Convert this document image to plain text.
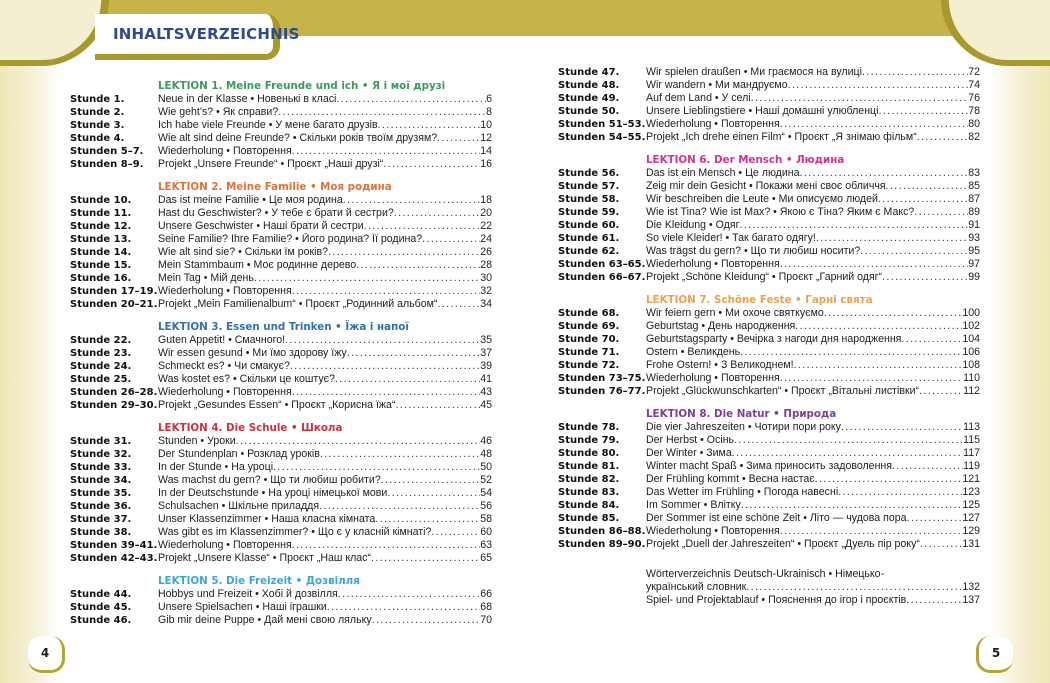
INHALTSVERZEICHNIS
LEKTION 1. Meine Freunde und ich • Я і мої друзі
Stunde 1.	Neue in der Klasse • Новенькі в класі .....	6
Stunde 2.	Wie geht’s? • Як справи? .....	8
Stunde 3.	Ich habe viele Freunde • У мене багато друзів .....	10
Stunde 4.	Wie alt sind deine Freunde? • Скільки років твоїм друзям? .....	12
Stunden 5–7.	Wiederholung • Повторення .....	14
Stunden 8–9.	Projekt „Unsere Freunde“ • Проєкт „Наші друзі“ .....	16
LEKTION 2. Meine Familie • Моя родина
Stunde 10.	Das ist meine Familie • Це моя родина .....	18
Stunde 11.	Hast du Geschwister? • У тебе є брати й сестри? .....	20
Stunde 12.	Unsere Geschwister • Наші брати й сестри .....	22
Stunde 13.	Seine Familie? Ihre Familie? • Його родина? Її родина? .....	24
Stunde 14.	Wie alt sind sie? • Скільки їм років? .....	26
Stunde 15.	Mein Stammbaum • Моє родинне дерево .....	28
Stunde 16.	Mein Tag • Мій день .....	30
Stunden 17–19. Wiederholung • Повторення .....	32
Stunden 20–21. Projekt „Mein Familienalbum“ • Проєкт „Родинний альбом“ .....	34
LEKTION 3. Essen und Trinken • Їжа і напої
Stunde 22.	Guten Appetit! • Смачного! .....	35
Stunde 23.	Wir essen gesund • Ми їмо здорову їжу .....	37
Stunde 24.	Schmeckt es? • Чи смакує? .....	39
Stunde 25.	Was kostet es? • Скільки це коштує? .....	41
Stunden 26–28. Wiederholung • Повторення .....	43
Stunden 29–30. Projekt „Gesundes Essen“ • Проєкт „Корисна їжа“ .....	45
LEKTION 4. Die Schule • Школа
Stunde 31.	Stunden • Уроки .....	46
Stunde 32.	Der Stundenplan • Розклад уроків .....	48
Stunde 33.	In der Stunde • На уроці .....	50
Stunde 34.	Was machst du gern? • Що ти любиш робити? .....	52
Stunde 35.	In der Deutschstunde • На уроці німецької мови .....	54
Stunde 36.	Schulsachen • Шкільне приладдя .....	56
Stunde 37.	Unser Klassenzimmer • Наша класна кімната .....	58
Stunde 38.	Was gibt es im Klassenzimmer? • Що є у класній кімнаті? .....	60
Stunden 39–41. Wiederholung • Повторення .....	63
Stunden 42–43. Projekt „Unsere Klasse“ • Проєкт „Наш клас“ .....	65
LEKTION 5. Die Freizeit • Дозвілля
Stunde 44.	Hobbys und Freizeit • Хобі й дозвілля .....	66
Stunde 45.	Unsere Spielsachen • Наші іграшки .....	68
Stunde 46.	Gib mir deine Puppe • Дай мені свою ляльку .....	70
Stunde 47.	Wir spielen draußen • Ми граємося на вулиці .....	72
Stunde 48.	Wir wandern • Ми мандруємо .....	74
Stunde 49.	Auf dem Land • У селі .....	76
Stunde 50.	Unsere Lieblingstiere • Наші домашні улюбленці .....	78
Stunden 51–53. Wiederholung • Повторення .....	80
Stunden 54–55. Projekt „Ich drehe einen Film“ • Проєкт „Я знімаю фільм“ .....	82
LEKTION 6. Der Mensch • Людина
Stunde 56.	Das ist ein Mensch • Це людина .....	83
Stunde 57.	Zeig mir dein Gesicht • Покажи мені своє обличчя .....	85
Stunde 58.	Wir beschreiben die Leute • Ми описуємо людей .....	87
Stunde 59.	Wie ist Tina? Wie ist Max? • Якою є Тіна? Яким є Макс? .....	89
Stunde 60.	Die Kleidung • Одяг .....	91
Stunde 61.	So viele Kleider! • Так багато одягу! .....	93
Stunde 62.	Was trägst du gern? • Що ти любиш носити? .....	95
Stunden 63–65. Wiederholung • Повторення .....	97
Stunden 66–67. Projekt „Schöne Kleidung“ • Проєкт „Гарний одяг“ .....	99
LEKTION 7. Schöne Feste • Гарні свята
Stunde 68.	Wir feiern gern • Ми охоче святкуємо .....	100
Stunde 69.	Geburtstag • День народження .....	102
Stunde 70.	Geburtstagsparty • Вечірка з нагоди дня народження .....	104
Stunde 71.	Ostern • Великдень .....	106
Stunde 72.	Frohe Ostern! • З Великоднем! .....	108
Stunden 73–75. Wiederholung • Повторення .....	110
Stunden 76–77. Projekt „Glückwunschkarten“ • Проєкт „Вітальні листівки“ .....	112
LEKTION 8. Die Natur • Природа
Stunde 78.	Die vier Jahreszeiten • Чотири пори року .....	113
Stunde 79.	Der Herbst • Осінь .....	115
Stunde 80.	Der Winter • Зима .....	117
Stunde 81.	Winter macht Spaß • Зима приносить задоволення .....	119
Stunde 82.	Der Frühling kommt • Весна настає .....	121
Stunde 83.	Das Wetter im Frühling • Погода навесні .....	123
Stunde 84.	Im Sommer • Влітку .....	125
Stunde 85.	Der Sommer ist eine schöne Zeit • Літо — чудова пора .....	127
Stunden 86–88. Wiederholung • Повторення .....	129
Stunden 89–90. Projekt „Duell der Jahreszeiten“ • Проєкт „Дуель пір року“ .....	131
Wörterverzeichnis Deutsch-Ukrainisch • Німецько-
український словник .....	132
Spiel- und Projektablauf • Пояснення до ігор і проєктів .....	137
4	5
